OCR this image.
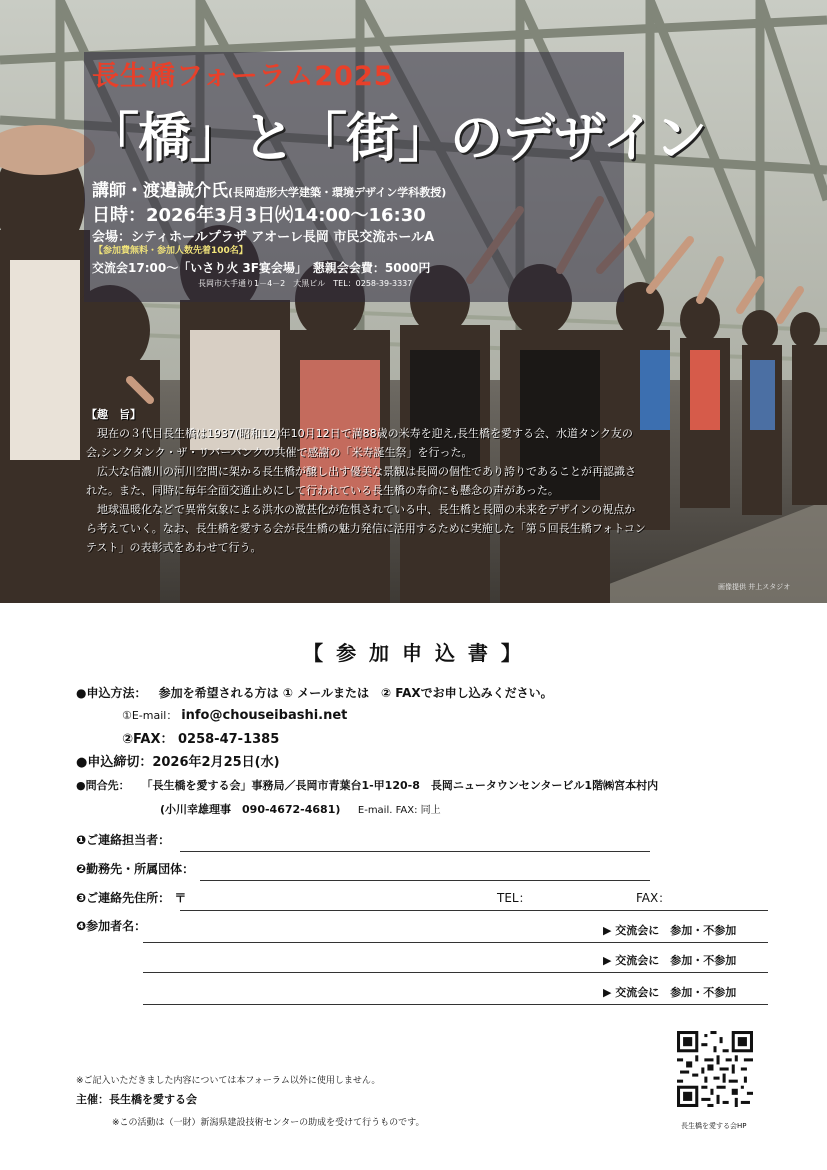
長生橋フォーラム2025
「橋」と「街」のデザイン
講師・渡邉誠介氏(長岡造形大学建築・環境デザイン学科教授)
日時：2026年3月3日㈫14:00～16:30
会場：シティホールプラザ アオーレ長岡 市民交流ホールA
【参加費無料・参加人数先着100名】
交流会17:00～「いさり火 3F宴会場」　懇親会会費：5000円
長岡市大手通り1－4－2　大黒ビル　TEL：0258-39-3337

【趣　旨】

　現在の３代目長生橋は1937(昭和12)年10月12日で満88歳の米寿を迎え,長生橋を愛する会、水道タンク友の会,シンクタンク・ザ・リバーバンクの共催で感謝の「米寿誕生祭」を行った。

　広大な信濃川の河川空間に架かる長生橋が醸し出す優美な景観は長岡の個性であり誇りであることが再認識された。また、同時に毎年全面交通止めにして行われている長生橋の寿命にも懸念の声があった。

　地球温暖化などで異常気象による洪水の激甚化が危惧されている中、長生橋と長岡の未来をデザインの視点から考えていく。なお、長生橋を愛する会が長生橋の魅力発信に活用するために実施した「第５回長生橋フォトコンテスト」の表彰式をあわせて行う。

画像提供 井上スタジオ
【 参 加 申 込 書 】
●申込方法： 参加を希望される方は ① メールまたは　② FAXでお申し込みください。
①E-mail： info@chouseibashi.net
②FAX： 0258-47-1385
●申込締切：2026年2月25日(水)
●問合先： 「長生橋を愛する会」事務局／長岡市青葉台1-甲120-8　長岡ニュータウンセンタービル1階㈱宮本村内
(小川幸雄理事　090-4672-4681) E-mail. FAX: 同上
❶ご連絡担当者：
❷勤務先・所属団体：
❸ご連絡先住所： 〒	TEL：	FAX：
❹参加者名：	▶ 交流会に　参加・不参加
▶ 交流会に　参加・不参加
▶ 交流会に　参加・不参加
※ご記入いただきました内容については本フォーラム以外に使用しません。
主催：長生橋を愛する会
※この活動は（一財）新潟県建設技術センターの助成を受けて行うものです。	長生橋を愛する会HP
